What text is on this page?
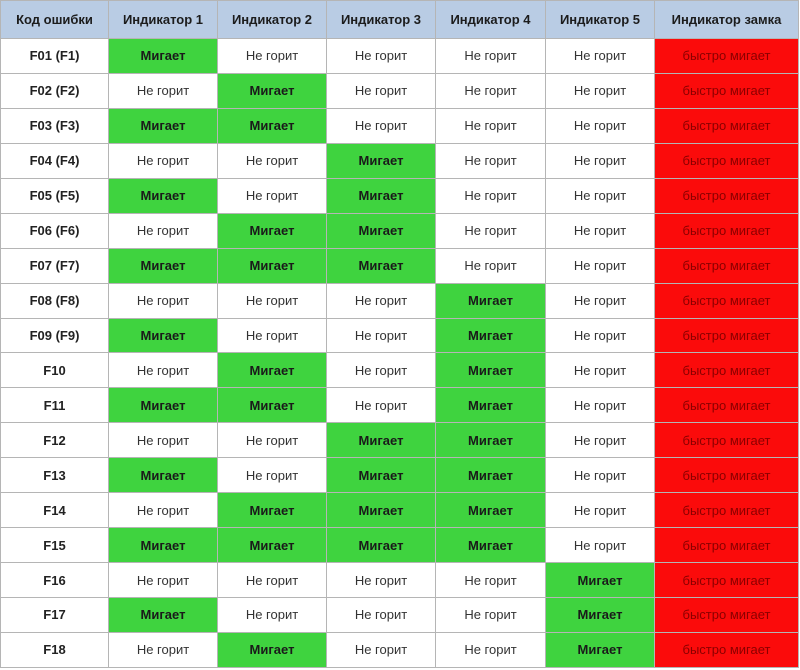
Код ошибки	Индикатор 1	Индикатор 2	Индикатор 3	Индикатор 4	Индикатор 5	Индикатор замка
F01 (F1)	Мигает	Не горит	Не горит	Не горит	Не горит	быстро мигает
F02 (F2)	Не горит	Мигает	Не горит	Не горит	Не горит	быстро мигает
F03 (F3)	Мигает	Мигает	Не горит	Не горит	Не горит	быстро мигает
F04 (F4)	Не горит	Не горит	Мигает	Не горит	Не горит	быстро мигает
F05 (F5)	Мигает	Не горит	Мигает	Не горит	Не горит	быстро мигает
F06 (F6)	Не горит	Мигает	Мигает	Не горит	Не горит	быстро мигает
F07 (F7)	Мигает	Мигает	Мигает	Не горит	Не горит	быстро мигает
F08 (F8)	Не горит	Не горит	Не горит	Мигает	Не горит	быстро мигает
F09 (F9)	Мигает	Не горит	Не горит	Мигает	Не горит	быстро мигает
F10	Не горит	Мигает	Не горит	Мигает	Не горит	быстро мигает
F11	Мигает	Мигает	Не горит	Мигает	Не горит	быстро мигает
F12	Не горит	Не горит	Мигает	Мигает	Не горит	быстро мигает
F13	Мигает	Не горит	Мигает	Мигает	Не горит	быстро мигает
F14	Не горит	Мигает	Мигает	Мигает	Не горит	быстро мигает
F15	Мигает	Мигает	Мигает	Мигает	Не горит	быстро мигает
F16	Не горит	Не горит	Не горит	Не горит	Мигает	быстро мигает
F17	Мигает	Не горит	Не горит	Не горит	Мигает	быстро мигает
F18	Не горит	Мигает	Не горит	Не горит	Мигает	быстро мигает
